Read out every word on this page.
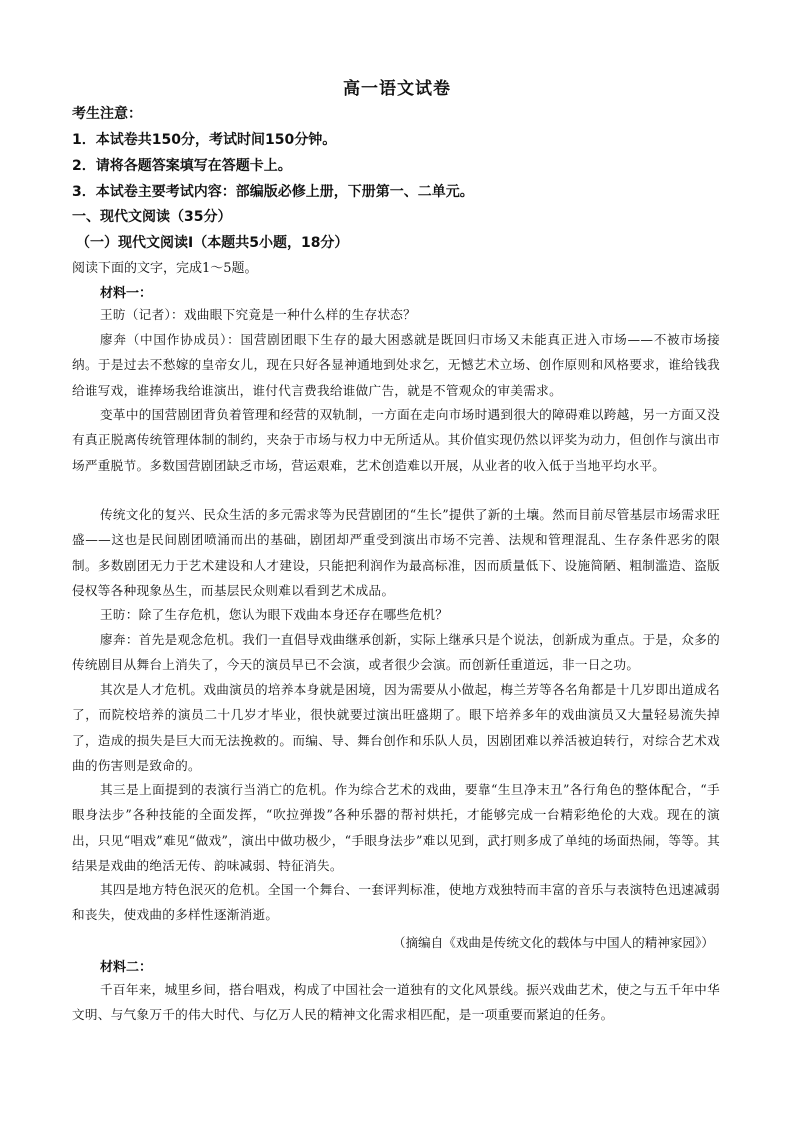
高一语文试卷
考生注意：
1．本试卷共150分，考试时间150分钟。
2．请将各题答案填写在答题卡上。
3．本试卷主要考试内容：部编版必修上册，下册第一、二单元。
一、现代文阅读（35分）
（一）现代文阅读Ⅰ（本题共5小题，18分）
阅读下面的文字，完成1～5题。
材料一：
王昉（记者）：戏曲眼下究竟是一种什么样的生存状态？
廖奔（中国作协成员）：国营剧团眼下生存的最大困惑就是既回归市场又未能真正进入市场——不被市场接纳。于是过去不愁嫁的皇帝女儿，现在只好各显神通地到处求乞，无憾艺术立场、创作原则和风格要求，谁给钱我给谁写戏，谁捧场我给谁演出，谁付代言费我给谁做广告，就是不管观众的审美需求。
变革中的国营剧团背负着管理和经营的双轨制，一方面在走向市场时遇到很大的障碍难以跨越，另一方面又没有真正脱离传统管理体制的制约，夹杂于市场与权力中无所适从。其价值实现仍然以评奖为动力，但创作与演出市场严重脱节。多数国营剧团缺乏市场，营运艰难，艺术创造难以开展，从业者的收入低于当地平均水平。
传统文化的复兴、民众生活的多元需求等为民营剧团的“生长”提供了新的土壤。然而目前尽管基层市场需求旺盛——这也是民间剧团喷涌而出的基础，剧团却严重受到演出市场不完善、法规和管理混乱、生存条件恶劣的限制。多数剧团无力于艺术建设和人才建设，只能把利润作为最高标准，因而质量低下、设施简陋、粗制滥造、盗版侵权等各种现象丛生，而基层民众则难以看到艺术成品。
王昉：除了生存危机，您认为眼下戏曲本身还存在哪些危机？
廖奔：首先是观念危机。我们一直倡导戏曲继承创新，实际上继承只是个说法，创新成为重点。于是，众多的传统剧目从舞台上消失了，今天的演员早已不会演，或者很少会演。而创新任重道远，非一日之功。
其次是人才危机。戏曲演员的培养本身就是困境，因为需要从小做起，梅兰芳等各名角都是十几岁即出道成名了，而院校培养的演员二十几岁才毕业，很快就要过演出旺盛期了。眼下培养多年的戏曲演员又大量轻易流失掉了，造成的损失是巨大而无法挽救的。而编、导、舞台创作和乐队人员，因剧团难以养活被迫转行，对综合艺术戏曲的伤害则是致命的。
其三是上面提到的表演行当消亡的危机。作为综合艺术的戏曲，要靠“生旦净末丑”各行角色的整体配合，“手眼身法步”各种技能的全面发挥，“吹拉弹拨”各种乐器的帮衬烘托，才能够完成一台精彩绝伦的大戏。现在的演出，只见“唱戏”难见“做戏”，演出中做功极少，“手眼身法步”难以见到，武打则多成了单纯的场面热闹，等等。其结果是戏曲的绝活无传、韵味减弱、特征消失。
其四是地方特色泯灭的危机。全国一个舞台、一套评判标准，使地方戏独特而丰富的音乐与表演特色迅速减弱和丧失，使戏曲的多样性逐渐消逝。
（摘编自《戏曲是传统文化的载体与中国人的精神家园》）
材料二：
千百年来，城里乡间，搭台唱戏，构成了中国社会一道独有的文化风景线。振兴戏曲艺术，使之与五千年中华文明、与气象万千的伟大时代、与亿万人民的精神文化需求相匹配，是一项重要而紧迫的任务。
